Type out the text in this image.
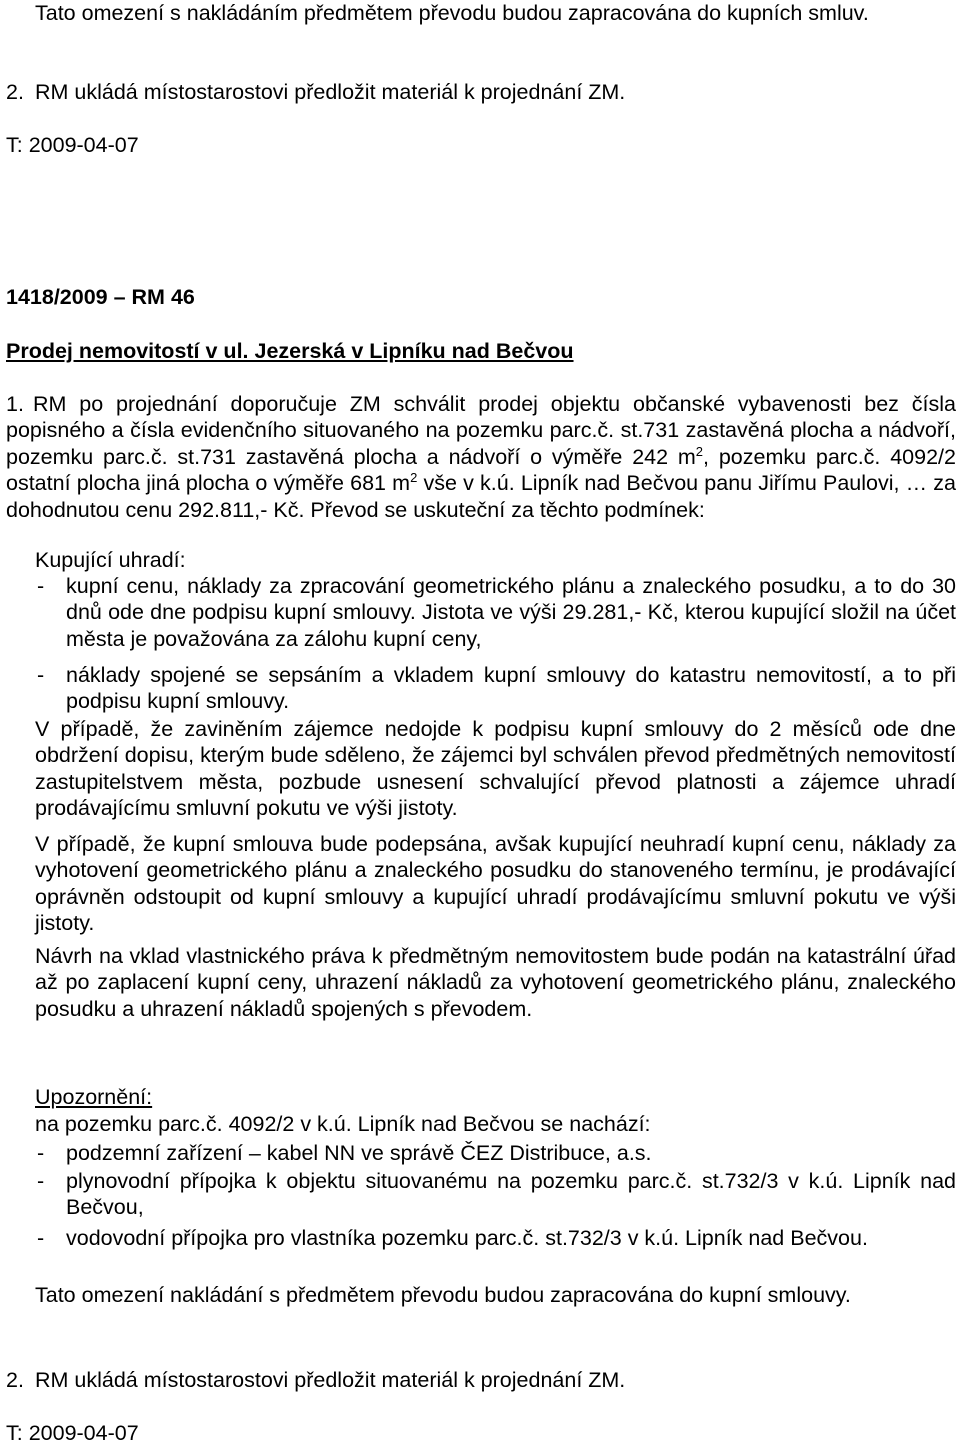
Tato omezení s nakládáním předmětem převodu budou zapracována do kupních smluv.

2. RM ukládá místostarostovi předložit materiál k projednání ZM.

T: 2009-04-07

1418/2009 – RM 46

Prodej nemovitostí v ul. Jezerská v Lipníku nad Bečvou

1. RM po projednání doporučuje ZM schválit prodej objektu občanské vybavenosti bez čísla popisného a čísla evidenčního situovaného na pozemku parc.č. st.731 zastavěná plocha a nádvoří, pozemku parc.č. st.731 zastavěná plocha a nádvoří o výměře 242 $m^2$, pozemku parc.č. 4092/2 ostatní plocha jiná plocha o výměře 681 $m^2$ vše v k.ú. Lipník nad Bečvou panu Jiřímu Paulovi, … za dohodnutou cenu 292.811,- Kč. Převod se uskuteční za těchto podmínek:

Kupující uhradí:

- kupní cenu, náklady za zpracování geometrického plánu a znaleckého posudku, a to do 30 dnů ode dne podpisu kupní smlouvy. Jistota ve výši 29.281,- Kč, kterou kupující složil na účet města je považována za zálohu kupní ceny,

- náklady spojené se sepsáním a vkladem kupní smlouvy do katastru nemovitostí, a to při podpisu kupní smlouvy.

V případě, že zaviněním zájemce nedojde k podpisu kupní smlouvy do 2 měsíců ode dne obdržení dopisu, kterým bude sděleno, že zájemci byl schválen převod předmětných nemovitostí zastupitelstvem města, pozbude usnesení schvalující převod platnosti a zájemce uhradí prodávajícímu smluvní pokutu ve výši jistoty.

V případě, že kupní smlouva bude podepsána, avšak kupující neuhradí kupní cenu, náklady za vyhotovení geometrického plánu a znaleckého posudku do stanoveného termínu, je prodávající oprávněn odstoupit od kupní smlouvy a kupující uhradí prodávajícímu smluvní pokutu ve výši jistoty.

Návrh na vklad vlastnického práva k předmětným nemovitostem bude podán na katastrální úřad až po zaplacení kupní ceny, uhrazení nákladů za vyhotovení geometrického plánu, znaleckého posudku a uhrazení nákladů spojených s převodem.

Upozornění:

na pozemku parc.č. 4092/2 v k.ú. Lipník nad Bečvou se nachází:

- podzemní zařízení – kabel NN ve správě ČEZ Distribuce, a.s.

- plynovodní přípojka k objektu situovanému na pozemku parc.č. st.732/3 v k.ú. Lipník nad Bečvou,

- vodovodní přípojka pro vlastníka pozemku parc.č. st.732/3 v k.ú. Lipník nad Bečvou.

Tato omezení nakládání s předmětem převodu budou zapracována do kupní smlouvy.

2. RM ukládá místostarostovi předložit materiál k projednání ZM.

T: 2009-04-07
